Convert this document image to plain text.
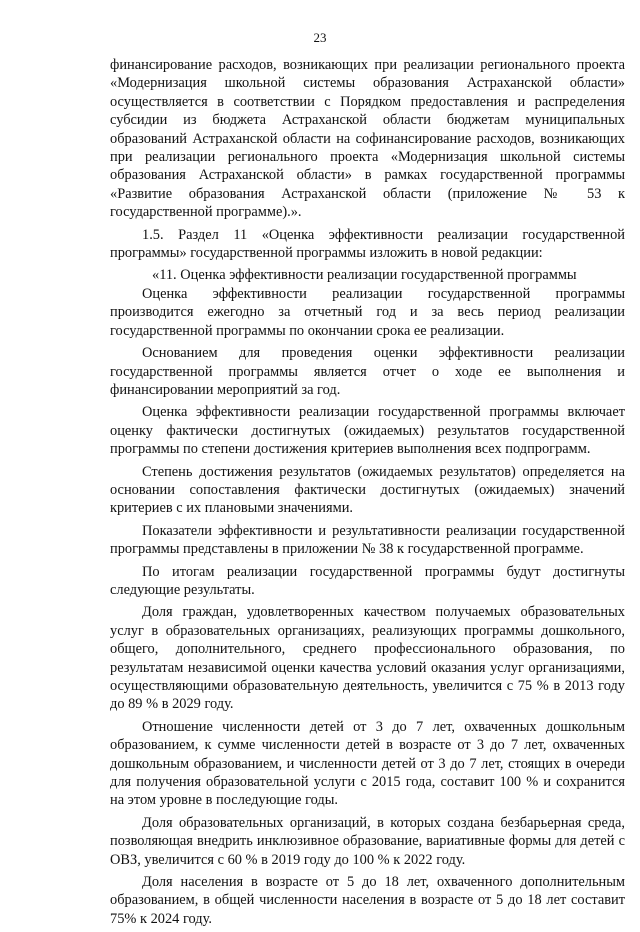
23

финансирование расходов, возникающих при реализации регионального проекта «Модернизация школьной системы образования Астраханской области» осуществляется в соответствии с Порядком предоставления и распределения субсидии из бюджета Астраханской области бюджетам муниципальных образований Астраханской области на софинансирование расходов, возникающих при реализации регионального проекта «Модернизация школьной системы образования Астраханской области» в рамках государственной программы «Развитие образования Астраханской области (приложение № 53 к государственной программе).».

1.5. Раздел 11 «Оценка эффективности реализации государственной программы» государственной программы изложить в новой редакции:

«11. Оценка эффективности реализации государственной программы

Оценка эффективности реализации государственной программы производится ежегодно за отчетный год и за весь период реализации государственной программы по окончании срока ее реализации.

Основанием для проведения оценки эффективности реализации государственной программы является отчет о ходе ее выполнения и финансировании мероприятий за год.

Оценка эффективности реализации государственной программы включает оценку фактически достигнутых (ожидаемых) результатов государственной программы по степени достижения критериев выполнения всех подпрограмм.

Степень достижения результатов (ожидаемых результатов) определяется на основании сопоставления фактически достигнутых (ожидаемых) значений критериев с их плановыми значениями.

Показатели эффективности и результативности реализации государственной программы представлены в приложении № 38 к государственной программе.

По итогам реализации государственной программы будут достигнуты следующие результаты.

Доля граждан, удовлетворенных качеством получаемых образовательных услуг в образовательных организациях, реализующих программы дошкольного, общего, дополнительного, среднего профессионального образования, по результатам независимой оценки качества условий оказания услуг организациями, осуществляющими образовательную деятельность, увеличится с 75 % в 2013 году до 89 % в 2029 году.

Отношение численности детей от 3 до 7 лет, охваченных дошкольным образованием, к сумме численности детей в возрасте от 3 до 7 лет, охваченных дошкольным образованием, и численности детей от 3 до 7 лет, стоящих в очереди для получения образовательной услуги с 2015 года, составит 100 % и сохранится на этом уровне в последующие годы.

Доля образовательных организаций, в которых создана безбарьерная среда, позволяющая внедрить инклюзивное образование, вариативные формы для детей с ОВЗ, увеличится с 60 % в 2019 году до 100 % к 2022 году.

Доля населения в возрасте от 5 до 18 лет, охваченного дополнительным образованием, в общей численности населения в возрасте от 5 до 18 лет составит 75% к 2024 году.
